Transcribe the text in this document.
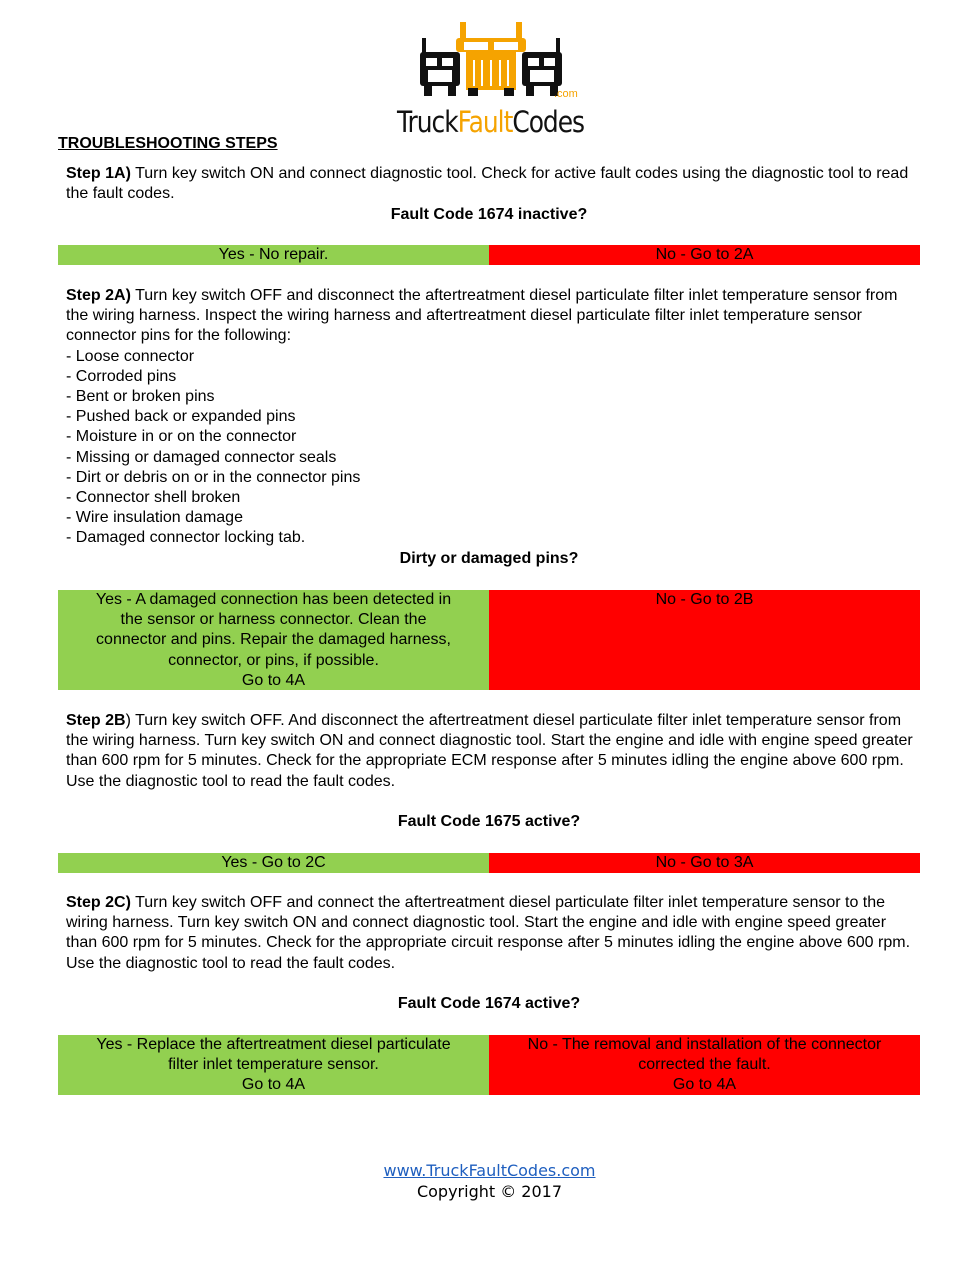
.com
TruckFaultCodes
TROUBLESHOOTING STEPS
Step 1A) Turn key switch ON and connect diagnostic tool. Check for active fault codes using the diagnostic tool to read the fault codes.
Fault Code 1674 inactive?
Yes - No repair.	No - Go to 2A
Step 2A) Turn key switch OFF and disconnect the aftertreatment diesel particulate filter inlet temperature sensor from the wiring harness. Inspect the wiring harness and aftertreatment diesel particulate filter inlet temperature sensor connector pins for the following:
- Loose connector
- Corroded pins
- Bent or broken pins
- Pushed back or expanded pins
- Moisture in or on the connector
- Missing or damaged connector seals
- Dirt or debris on or in the connector pins
- Connector shell broken
- Wire insulation damage
- Damaged connector locking tab.
Dirty or damaged pins?
Yes - A damaged connection has been detected in
the sensor or harness connector. Clean the
connector and pins. Repair the damaged harness,
connector, or pins, if possible.
Go to 4A
No - Go to 2B
Step 2B) Turn key switch OFF. And disconnect the aftertreatment diesel particulate filter inlet temperature sensor from the wiring harness. Turn key switch ON and connect diagnostic tool. Start the engine and idle with engine speed greater than 600 rpm for 5 minutes. Check for the appropriate ECM response after 5 minutes idling the engine above 600 rpm. Use the diagnostic tool to read the fault codes.
Fault Code 1675 active?
Yes - Go to 2C	No - Go to 3A
Step 2C) Turn key switch OFF and connect the aftertreatment diesel particulate filter inlet temperature sensor to the wiring harness. Turn key switch ON and connect diagnostic tool. Start the engine and idle with engine speed greater than 600 rpm for 5 minutes. Check for the appropriate circuit response after 5 minutes idling the engine above 600 rpm. Use the diagnostic tool to read the fault codes.
Fault Code 1674 active?
Yes - Replace the aftertreatment diesel particulate
filter inlet temperature sensor.
Go to 4A
No - The removal and installation of the connector
corrected the fault.
Go to 4A
www.TruckFaultCodes.com
Copyright © 2017
